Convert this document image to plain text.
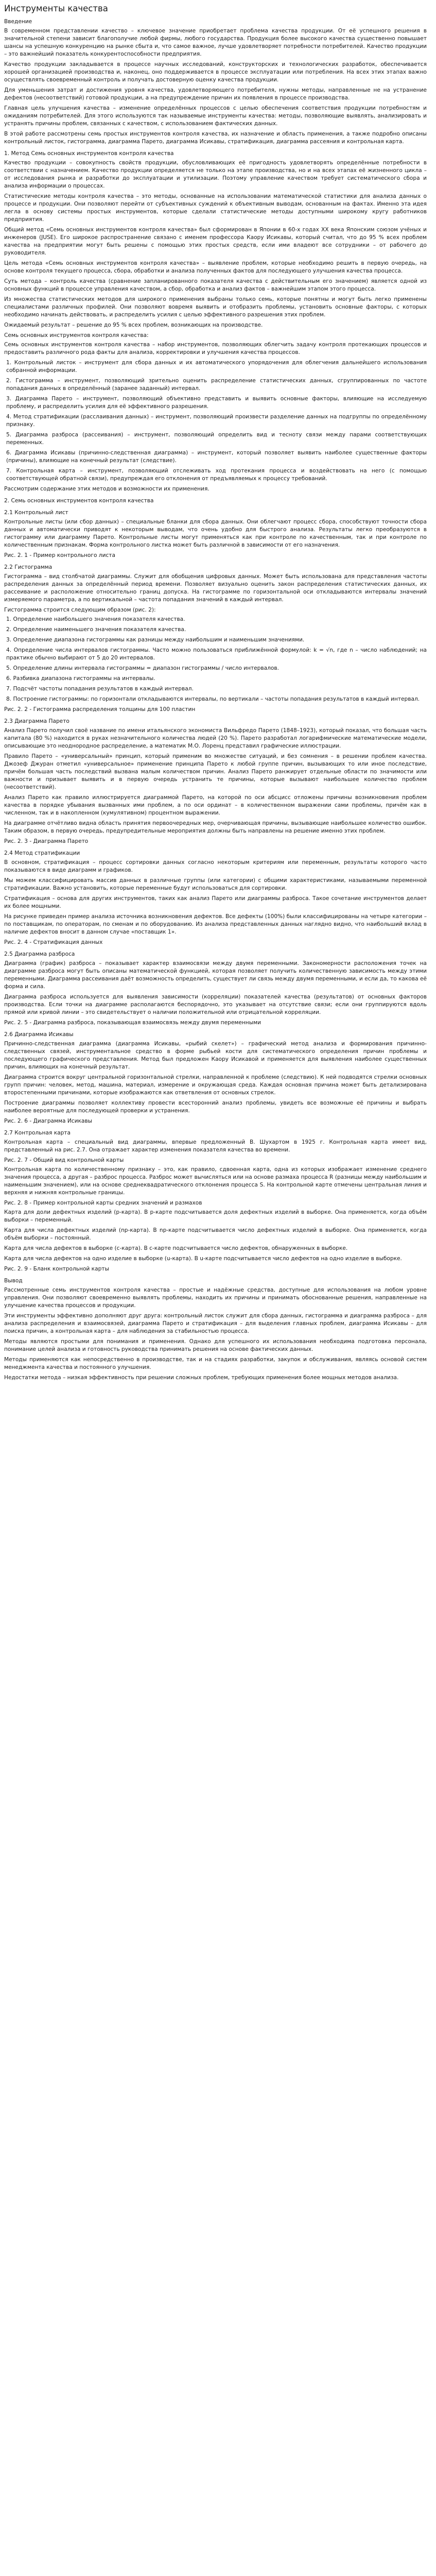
Инструменты качества
Введение
В современном представлении качество – ключевое значение приобретает проблема качества продукции. От её успешного решения в значительной степени зависит благополучие любой фирмы, любого государства. Продукция более высокого качества существенно повышает шансы на успешную конкуренцию на рынке сбыта и, что самое важное, лучше удовлетворяет потребности потребителей. Качество продукции – это важнейший показатель конкурентоспособности предприятия.
Качество продукции закладывается в процессе научных исследований, конструкторских и технологических разработок, обеспечивается хорошей организацией производства и, наконец, оно поддерживается в процессе эксплуатации или потребления. На всех этих этапах важно осуществлять своевременный контроль и получать достоверную оценку качества продукции.
Для уменьшения затрат и достижения уровня качества, удовлетворяющего потребителя, нужны методы, направленные не на устранение дефектов (несоответствий) готовой продукции, а на предупреждение причин их появления в процессе производства.
Главная цель улучшения качества – изменение определённых процессов с целью обеспечения соответствия продукции потребностям и ожиданиям потребителей. Для этого используются так называемые инструменты качества: методы, позволяющие выявлять, анализировать и устранять причины проблем, связанных с качеством, с использованием фактических данных.
В этой работе рассмотрены семь простых инструментов контроля качества, их назначение и область применения, а также подробно описаны контрольный листок, гистограмма, диаграмма Парето, диаграмма Исикавы, стратификация, диаграмма рассеяния и контрольная карта.
1. Метод Семь основных инструментов контроля качества
Качество продукции – совокупность свойств продукции, обусловливающих её пригодность удовлетворять определённые потребности в соответствии с назначением. Качество продукции определяется не только на этапе производства, но и на всех этапах её жизненного цикла – от исследования рынка и разработки до эксплуатации и утилизации. Поэтому управление качеством требует систематического сбора и анализа информации о процессах.
Статистические методы контроля качества – это методы, основанные на использовании математической статистики для анализа данных о процессе и продукции. Они позволяют перейти от субъективных суждений к объективным выводам, основанным на фактах. Именно эта идея легла в основу системы простых инструментов, которые сделали статистические методы доступными широкому кругу работников предприятия.
Общий метод «Семь основных инструментов контроля качества» был сформирован в Японии в 60-х годах XX века Японским союзом учёных и инженеров (JUSE). Его широкое распространение связано с именем профессора Каору Исикавы, который считал, что до 95 % всех проблем качества на предприятии могут быть решены с помощью этих простых средств, если ими владеют все сотрудники – от рабочего до руководителя.
Цель метода «Семь основных инструментов контроля качества» – выявление проблем, которые необходимо решить в первую очередь, на основе контроля текущего процесса, сбора, обработки и анализа полученных фактов для последующего улучшения качества процесса.
Суть метода – контроль качества (сравнение запланированного показателя качества с действительным его значением) является одной из основных функций в процессе управления качеством, а сбор, обработка и анализ фактов – важнейшим этапом этого процесса.
Из множества статистических методов для широкого применения выбраны только семь, которые понятны и могут быть легко применены специалистами различных профилей. Они позволяют вовремя выявить и отобразить проблемы, установить основные факторы, с которых необходимо начинать действовать, и распределить усилия с целью эффективного разрешения этих проблем.
Ожидаемый результат – решение до 95 % всех проблем, возникающих на производстве.
Семь основных инструментов контроля качества:
Семь основных инструментов контроля качества – набор инструментов, позволяющих облегчить задачу контроля протекающих процессов и предоставить различного рода факты для анализа, корректировки и улучшения качества процессов.
1. Контрольный листок – инструмент для сбора данных и их автоматического упорядочения для облегчения дальнейшего использования собранной информации.
2. Гистограмма – инструмент, позволяющий зрительно оценить распределение статистических данных, сгруппированных по частоте попадания данных в определённый (заранее заданный) интервал.
3. Диаграмма Парето – инструмент, позволяющий объективно представить и выявить основные факторы, влияющие на исследуемую проблему, и распределить усилия для её эффективного разрешения.
4. Метод стратификации (расслаивания данных) – инструмент, позволяющий произвести разделение данных на подгруппы по определённому признаку.
5. Диаграмма разброса (рассеивания) – инструмент, позволяющий определить вид и тесноту связи между парами соответствующих переменных.
6. Диаграмма Исикавы (причинно-следственная диаграмма) – инструмент, который позволяет выявить наиболее существенные факторы (причины), влияющие на конечный результат (следствие).
7. Контрольная карта – инструмент, позволяющий отслеживать ход протекания процесса и воздействовать на него (с помощью соответствующей обратной связи), предупреждая его отклонения от предъявляемых к процессу требований.
Рассмотрим содержание этих методов и возможности их применения.
2. Семь основных инструментов контроля качества
2.1 Контрольный лист
Контрольные листы (или сбор данных) – специальные бланки для сбора данных. Они облегчают процесс сбора, способствуют точности сбора данных и автоматически приводят к некоторым выводам, что очень удобно для быстрого анализа. Результаты легко преобразуются в гистограмму или диаграмму Парето. Контрольные листы могут применяться как при контроле по качественным, так и при контроле по количественным признакам. Форма контрольного листка может быть различной в зависимости от его назначения.
Рис. 2. 1 - Пример контрольного листа
2.2 Гистограмма
Гистограмма – вид столбчатой диаграммы. Служит для обобщения цифровых данных. Может быть использована для представления частоты распределения данных за определённый период времени. Позволяет визуально оценить закон распределения статистических данных, их рассеивание и расположение относительно границ допуска. На гистограмме по горизонтальной оси откладываются интервалы значений измеряемого параметра, а по вертикальной – частота попадания значений в каждый интервал.
Гистограмма строится следующим образом (рис. 2):
1. Определение наибольшего значения показателя качества.
2. Определение наименьшего значения показателя качества.
3. Определение диапазона гистограммы как разницы между наибольшим и наименьшим значениями.
4. Определение числа интервалов гистограммы. Часто можно пользоваться приближённой формулой: k = √n, где n – число наблюдений; на практике обычно выбирают от 5 до 20 интервалов.
5. Определение длины интервала гистограммы = диапазон гистограммы / число интервалов.
6. Разбивка диапазона гистограммы на интервалы.
7. Подсчёт частоты попадания результатов в каждый интервал.
8. Построение гистограммы: по горизонтали откладываются интервалы, по вертикали – частоты попадания результатов в каждый интервал.
Рис. 2. 2 - Гистограмма распределения толщины для 100 пластин
2.3 Диаграмма Парето
Анализ Парето получил своё название по имени итальянского экономиста Вильфредо Парето (1848–1923), который показал, что большая часть капитала (80 %) находится в руках незначительного количества людей (20 %). Парето разработал логарифмические математические модели, описывающие это неоднородное распределение, а математик М.О. Лоренц представил графические иллюстрации.
Правило Парето – «универсальный» принцип, который применим во множестве ситуаций, и без сомнения – в решении проблем качества. Джозеф Джуран отметил «универсальное» применение принципа Парето к любой группе причин, вызывающих то или иное последствие, причём большая часть последствий вызвана малым количеством причин. Анализ Парето ранжирует отдельные области по значимости или важности и призывает выявить и в первую очередь устранить те причины, которые вызывают наибольшее количество проблем (несоответствий).
Анализ Парето как правило иллюстрируется диаграммой Парето, на которой по оси абсцисс отложены причины возникновения проблем качества в порядке убывания вызванных ими проблем, а по оси ординат – в количественном выражении сами проблемы, причём как в численном, так и в накопленном (кумулятивном) процентном выражении.
На диаграмме отчётливо видна область принятия первоочередных мер, очерчивающая причины, вызывающие наибольшее количество ошибок. Таким образом, в первую очередь, предупредительные мероприятия должны быть направлены на решение именно этих проблем.
Рис. 2. 3 - Диаграмма Парето
2.4 Метод стратификации
В основном, стратификация – процесс сортировки данных согласно некоторым критериям или переменным, результаты которого часто показываются в виде диаграмм и графиков.
Мы можем классифицировать массив данных в различные группы (или категории) с общими характеристиками, называемыми переменной стратификации. Важно установить, которые переменные будут использоваться для сортировки.
Стратификация – основа для других инструментов, таких как анализ Парето или диаграммы разброса. Такое сочетание инструментов делает их более мощными.
На рисунке приведен пример анализа источника возникновения дефектов. Все дефекты (100%) были классифицированы на четыре категории – по поставщикам, по операторам, по сменам и по оборудованию. Из анализа представленных данных наглядно видно, что наибольший вклад в наличие дефектов вносит в данном случае «поставщик 1».
Рис. 2. 4 - Стратификация данных
2.5 Диаграмма разброса
Диаграмма (график) разброса – показывает характер взаимосвязи между двумя переменными. Закономерности расположения точек на диаграмме разброса могут быть описаны математической функцией, которая позволяет получить количественную зависимость между этими переменными. Диаграмма рассеивания даёт возможность определить, существует ли связь между двумя переменными, и если да, то какова её форма и сила.
Диаграмма разброса используется для выявления зависимости (корреляции) показателей качества (результатов) от основных факторов производства. Если точки на диаграмме располагаются беспорядочно, это указывает на отсутствие связи; если они группируются вдоль прямой или кривой линии – это свидетельствует о наличии положительной или отрицательной корреляции.
Рис. 2. 5 - Диаграмма разброса, показывающая взаимосвязь между двумя переменными
2.6 Диаграмма Исикавы
Причинно-следственная диаграмма (диаграмма Исикавы, «рыбий скелет») – графический метод анализа и формирования причинно-следственных связей, инструментальное средство в форме рыбьей кости для систематического определения причин проблемы и последующего графического представления. Метод был предложен Каору Исикавой и применяется для выявления наиболее существенных причин, влияющих на конечный результат.
Диаграмма строится вокруг центральной горизонтальной стрелки, направленной к проблеме (следствию). К ней подводятся стрелки основных групп причин: человек, метод, машина, материал, измерение и окружающая среда. Каждая основная причина может быть детализирована второстепенными причинами, которые изображаются как ответвления от основных стрелок.
Построение диаграммы позволяет коллективу провести всесторонний анализ проблемы, увидеть все возможные её причины и выбрать наиболее вероятные для последующей проверки и устранения.
Рис. 2. 6 - Диаграмма Исикавы
2.7 Контрольная карта
Контрольная карта – специальный вид диаграммы, впервые предложенный В. Шухартом в 1925 г. Контрольная карта имеет вид, представленный на рис. 2.7. Она отражает характер изменения показателя качества во времени.
Рис. 2. 7 - Общий вид контрольной карты
Контрольная карта по количественному признаку – это, как правило, сдвоенная карта, одна из которых изображает изменение среднего значения процесса, а другая – разброс процесса. Разброс может вычисляться или на основе размаха процесса R (разницы между наибольшим и наименьшим значением), или на основе среднеквадратического отклонения процесса S. На контрольной карте отмечены центральная линия и верхняя и нижняя контрольные границы.
Рис. 2. 8 - Пример контрольной карты средних значений и размахов
Карта для доли дефектных изделий (p-карта). В p-карте подсчитывается доля дефектных изделий в выборке. Она применяется, когда объём выборки – переменный.
Карта для числа дефектных изделий (np-карта). В np-карте подсчитывается число дефектных изделий в выборке. Она применяется, когда объём выборки – постоянный.
Карта для числа дефектов в выборке (с-карта). В с-карте подсчитывается число дефектов, обнаруженных в выборке.
Карта для числа дефектов на одно изделие в выборке (u-карта). В u-карте подсчитывается число дефектов на одно изделие в выборке.
Рис. 2. 9 - Бланк контрольной карты
Вывод
Рассмотренные семь инструментов контроля качества – простые и надёжные средства, доступные для использования на любом уровне управления. Они позволяют своевременно выявлять проблемы, находить их причины и принимать обоснованные решения, направленные на улучшение качества процессов и продукции.
Эти инструменты эффективно дополняют друг друга: контрольный листок служит для сбора данных, гистограмма и диаграмма разброса – для анализа распределения и взаимосвязей, диаграмма Парето и стратификация – для выделения главных проблем, диаграмма Исикавы – для поиска причин, а контрольная карта – для наблюдения за стабильностью процесса.
Методы являются простыми для понимания и применения. Однако для успешного их использования необходима подготовка персонала, понимание целей анализа и готовность руководства принимать решения на основе фактических данных.
Методы применяются как непосредственно в производстве, так и на стадиях разработки, закупок и обслуживания, являясь основой систем менеджмента качества и постоянного улучшения.
Недостатки метода – низкая эффективность при решении сложных проблем, требующих применения более мощных методов анализа.
